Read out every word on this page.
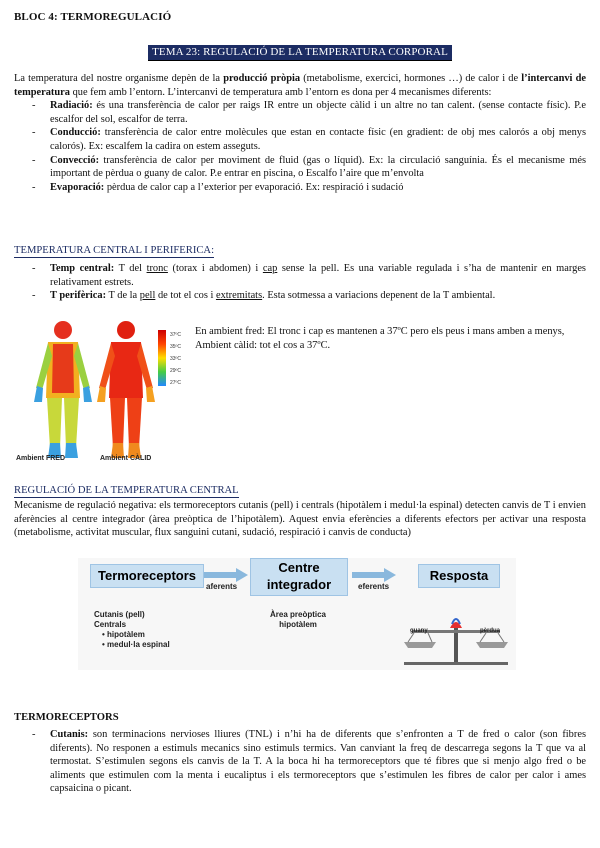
BLOC 4: TERMOREGULACIÓ
TEMA 23: REGULACIÓ DE LA TEMPERATURA CORPORAL

La temperatura del nostre organisme depèn de la producció pròpia (metabolisme, exercici, hormones …) de calor i de l’intercanvi de temperatura que fem amb l’entorn. L’intercanvi de temperatura amb l’entorn es dona per 4 mecanismes diferents:

- Radiació: és una transferència de calor per raigs IR entre un objecte càlid i un altre no tan calent. (sense contacte físic). P.e escalfor del sol, escalfor de terra.
- Conducció: transferència de calor entre molècules que estan en contacte físic (en gradient: de obj mes calorós a obj menys calorós). Ex: escalfem la cadira on estem asseguts.
- Convecció: transferència de calor per moviment de fluid (gas o líquid). Ex: la circulació sanguínia. És el mecanisme més important de pèrdua o guany de calor. P.e entrar en piscina, o Escalfo l’aire que m’envolta
- Evaporació: pèrdua de calor cap a l’exterior per evaporació. Ex: respiració i sudació
TEMPERATURA CENTRAL I PERIFERICA:
- Temp central: T del tronc (torax i abdomen) i cap sense la pell. Es una variable regulada i s’ha de mantenir en marges relativament estrets.
- T perifèrica: T de la pell de tot el cos i extremitats. Esta sotmessa a variacions depenent de la T ambiental.
37ºC
35ºC
33ºC
29ºC
27ºC
Ambient FRED	Ambient CÀLID

En ambient fred: El tronc i cap es mantenen a 37ºC pero els peus i mans amben a menys,

Ambient càlid: tot el cos a 37ºC.

REGULACIÓ DE LA TEMPERATURA CENTRAL
Mecanisme de regulació negativa: els termoreceptors cutanis (pell) i centrals (hipotàlem i medul·la espinal) detecten canvis de T i envien aferències al centre integrador (àrea preòptica de l’hipotàlem). Aquest envia eferències a diferents efectors per activar una resposta (metabolisme, activitat muscular, flux sanguini cutani, sudació, respiració i canvis de conducta)
Termoreceptors
aferents
Centre
integrador	eferents
Resposta
Cutanis (pell)
Centrals
• hipotàlem
• medul·la espinal
Àrea preòptica
hipotàlem
guany	pèrdua
TERMORECEPTORS
- Cutanis: son terminacions nervioses lliures (TNL) i n’hi ha de diferents que s’enfronten a T de fred o calor (son fibres diferents). No responen a estimuls mecanics sino estimuls termics. Van canviant la freq de descarrega segons la T que va al termostat. S’estimulen segons els canvis de la T. A la boca hi ha termoreceptors que té fibres que si menjo algo fred o be aliments que estimulen com la menta i eucaliptus i els termoreceptors que s’estimulen les fibres de calor per calor i ames capsaicina o picant.
